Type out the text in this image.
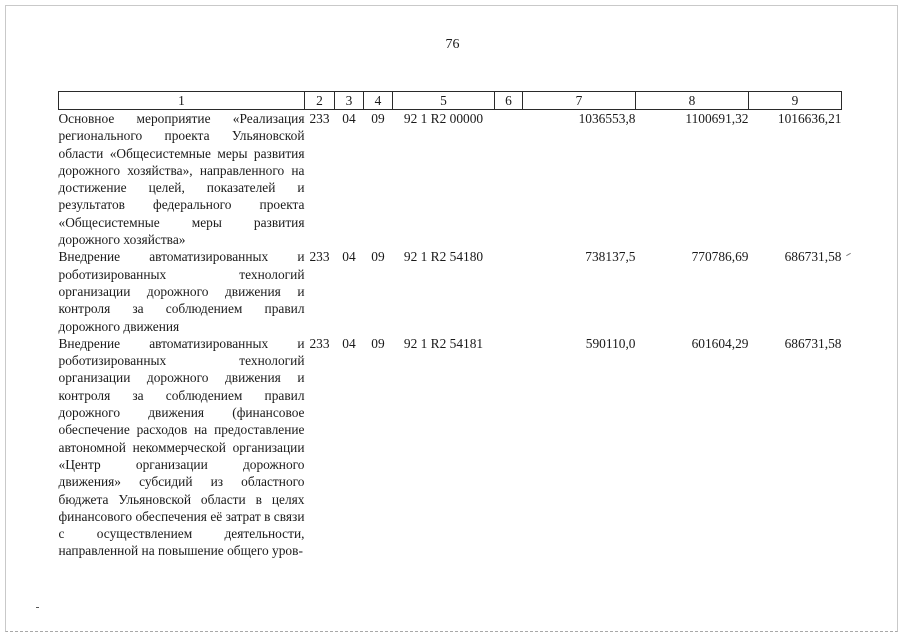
76
1	2	3	4	5	6	7	8	9
Основное мероприятие «Реализация регионального проекта Ульяновской области «Общесистемные меры развития дорожного хозяйства», направленного на достижение целей, показателей и результатов федерального проекта «Общесистемные меры развития дорожного хозяйства»	233	04	09	92 1 R2 00000		1036553,8	1100691,32	1016636,21
Внедрение автоматизированных и роботизированных технологий организации дорожного движения и контроля за соблюдением правил дорожного движения	233	04	09	92 1 R2 54180		738137,5	770786,69	686731,58
Внедрение автоматизированных и роботизированных технологий организации дорожного движения и контроля за соблюдением правил дорожного движения (финансовое обеспечение расходов на предоставление автономной некоммерческой организации «Центр организации дорожного движения» субсидий из областного бюджета Ульяновской области в целях финансового обеспечения её затрат в связи с осуществлением деятельности, направленной на повышение общего уров-	233	04	09	92 1 R2 54181		590110,0	601604,29	686731,58
